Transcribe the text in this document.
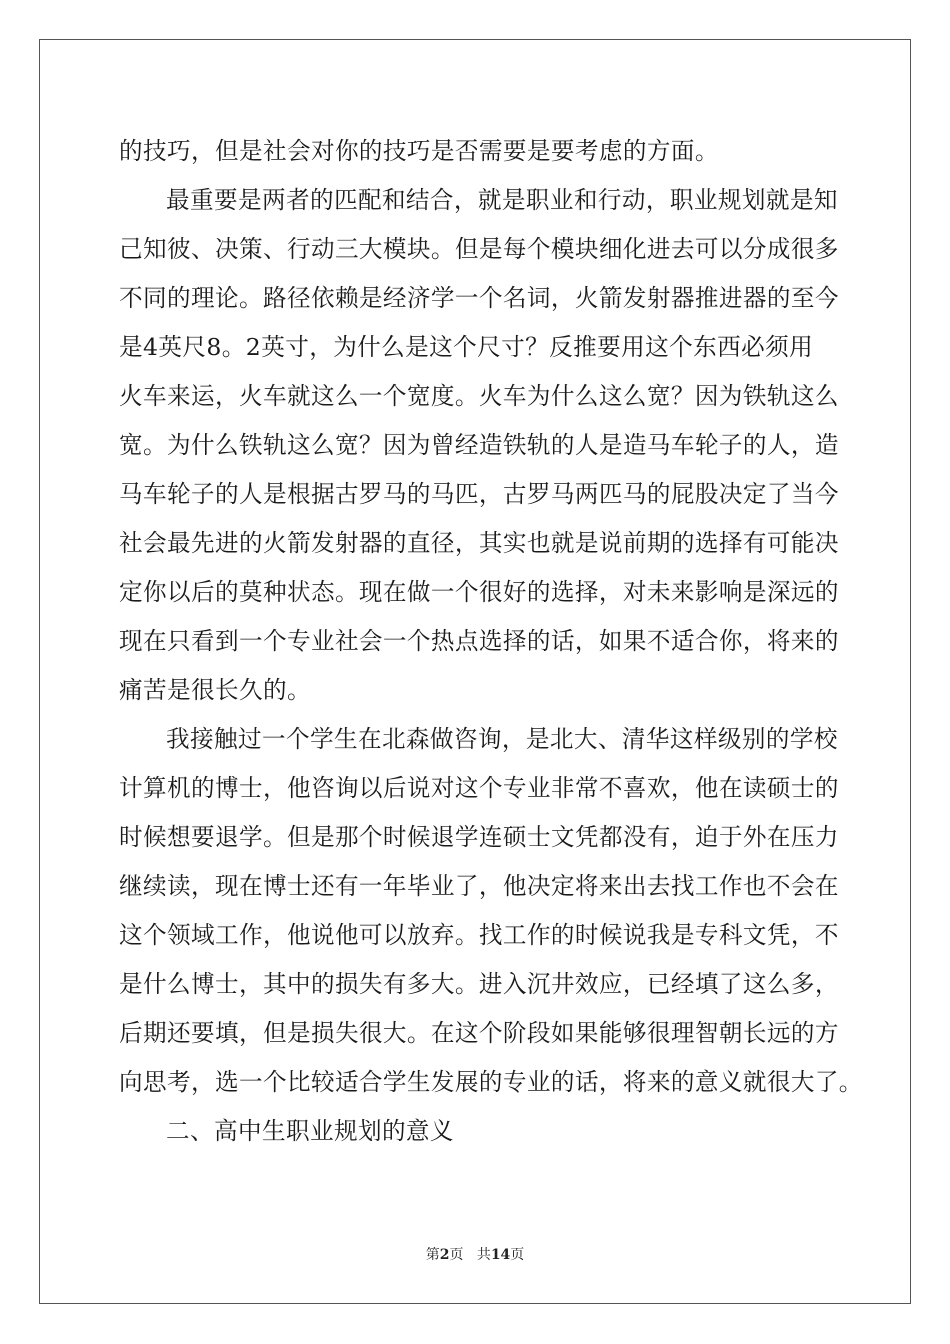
的技巧，但是社会对你的技巧是否需要是要考虑的方面。
最重要是两者的匹配和结合，就是职业和行动，职业规划就是知
己知彼、决策、行动三大模块。但是每个模块细化进去可以分成很多
不同的理论。路径依赖是经济学一个名词，火箭发射器推进器的至今
是4英尺8。2英寸，为什么是这个尺寸？反推要用这个东西必须用
火车来运，火车就这么一个宽度。火车为什么这么宽？因为铁轨这么
宽。为什么铁轨这么宽？因为曾经造铁轨的人是造马车轮子的人，造
马车轮子的人是根据古罗马的马匹，古罗马两匹马的屁股决定了当今
社会最先进的火箭发射器的直径，其实也就是说前期的选择有可能决
定你以后的莫种状态。现在做一个很好的选择，对未来影响是深远的
现在只看到一个专业社会一个热点选择的话，如果不适合你，将来的
痛苦是很长久的。
我接触过一个学生在北森做咨询，是北大、清华这样级别的学校
计算机的博士，他咨询以后说对这个专业非常不喜欢，他在读硕士的
时候想要退学。但是那个时候退学连硕士文凭都没有，迫于外在压力
继续读，现在博士还有一年毕业了，他决定将来出去找工作也不会在
这个领域工作，他说他可以放弃。找工作的时候说我是专科文凭，不
是什么博士，其中的损失有多大。进入沉井效应，已经填了这么多，
后期还要填，但是损失很大。在这个阶段如果能够很理智朝长远的方
向思考，选一个比较适合学生发展的专业的话，将来的意义就很大了。
二、高中生职业规划的意义
第2页 共14页
